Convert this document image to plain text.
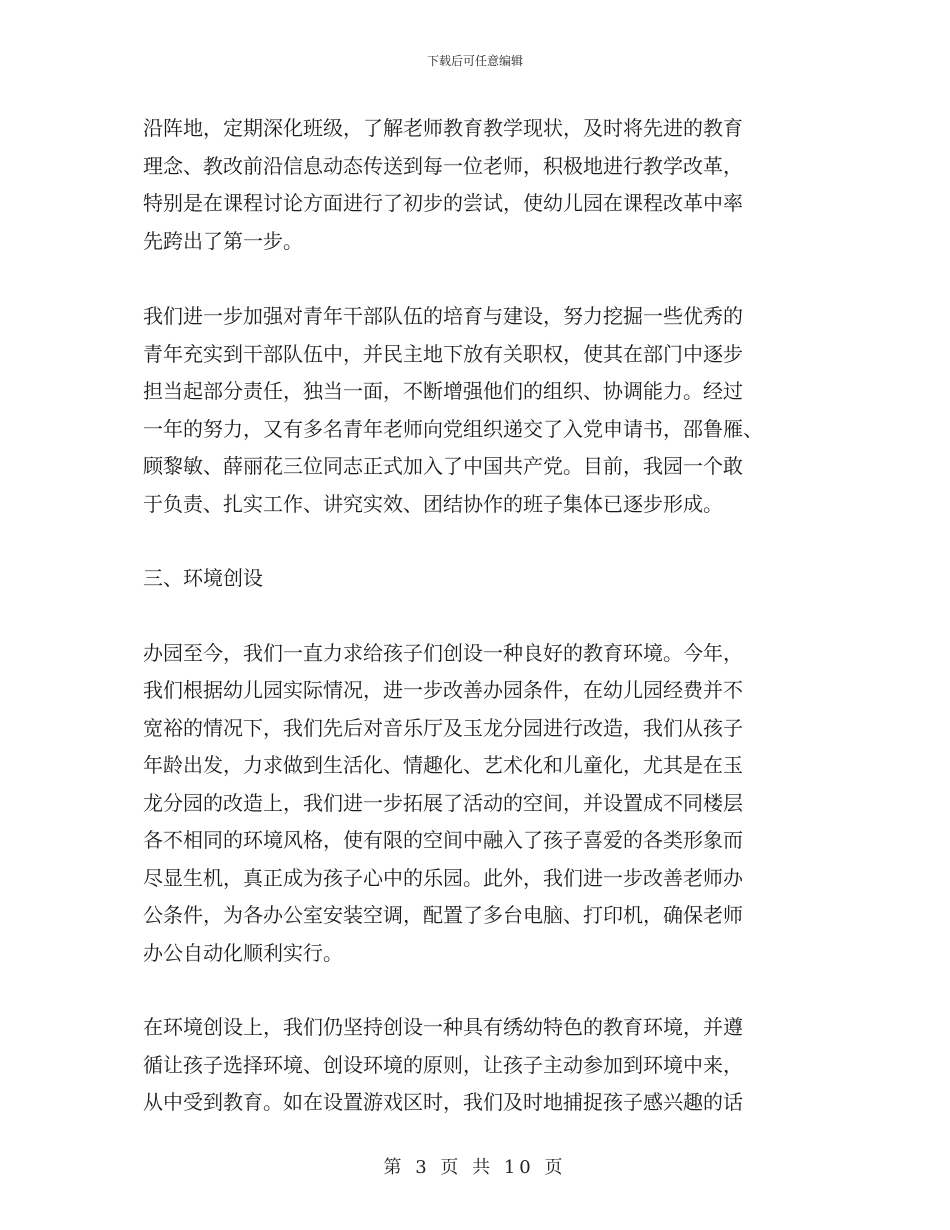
下载后可任意编辑
沿阵地，定期深化班级，了解老师教育教学现状，及时将先进的教育
理念、教改前沿信息动态传送到每一位老师，积极地进行教学改革，
特别是在课程讨论方面进行了初步的尝试，使幼儿园在课程改革中率
先跨出了第一步。
我们进一步加强对青年干部队伍的培育与建设，努力挖掘一些优秀的
青年充实到干部队伍中，并民主地下放有关职权，使其在部门中逐步
担当起部分责任，独当一面，不断增强他们的组织、协调能力。经过
一年的努力，又有多名青年老师向党组织递交了入党申请书，邵鲁雁、
顾黎敏、薛丽花三位同志正式加入了中国共产党。目前，我园一个敢
于负责、扎实工作、讲究实效、团结协作的班子集体已逐步形成。
三、环境创设
办园至今，我们一直力求给孩子们创设一种良好的教育环境。今年，
我们根据幼儿园实际情况，进一步改善办园条件，在幼儿园经费并不
宽裕的情况下，我们先后对音乐厅及玉龙分园进行改造，我们从孩子
年龄出发，力求做到生活化、情趣化、艺术化和儿童化，尤其是在玉
龙分园的改造上，我们进一步拓展了活动的空间，并设置成不同楼层
各不相同的环境风格，使有限的空间中融入了孩子喜爱的各类形象而
尽显生机，真正成为孩子心中的乐园。此外，我们进一步改善老师办
公条件，为各办公室安装空调，配置了多台电脑、打印机，确保老师
办公自动化顺利实行。
在环境创设上，我们仍坚持创设一种具有绣幼特色的教育环境，并遵
循让孩子选择环境、创设环境的原则，让孩子主动参加到环境中来，
从中受到教育。如在设置游戏区时，我们及时地捕捉孩子感兴趣的话
第 3 页 共 10 页
